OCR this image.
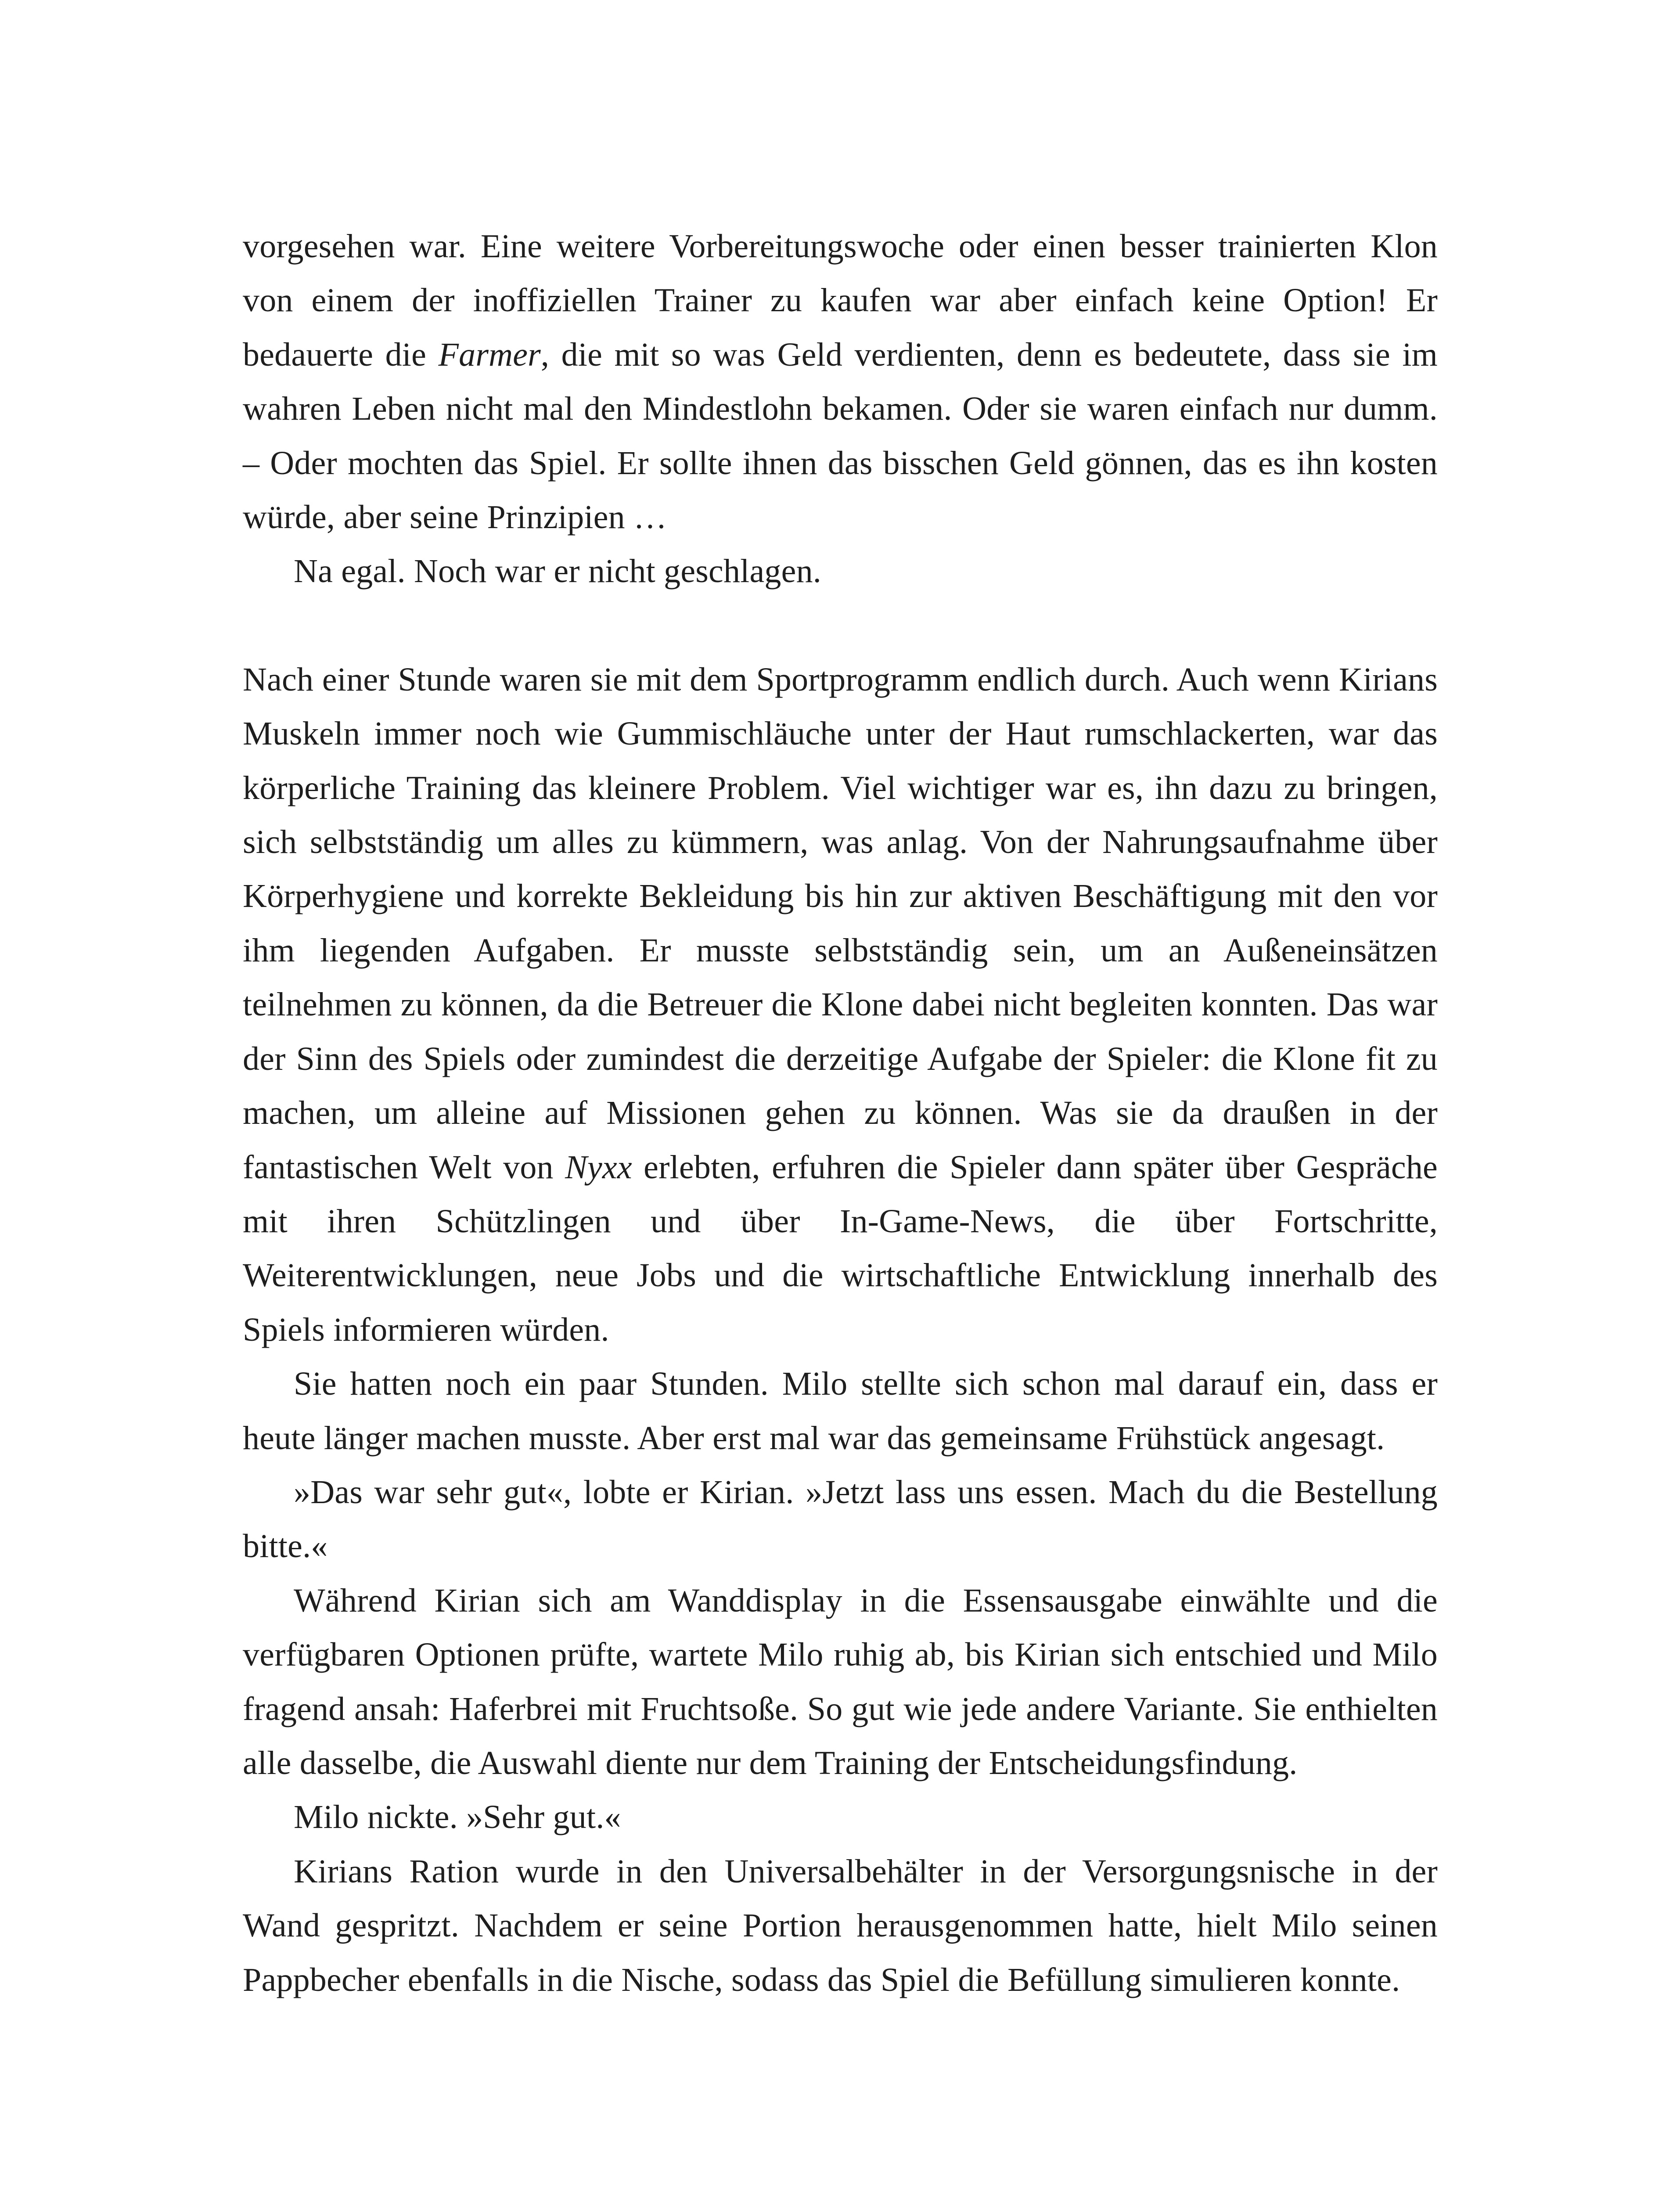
vorgesehen war. Eine weitere Vorbereitungswoche oder einen besser trainierten Klon von einem der inoffiziellen Trainer zu kaufen war aber einfach keine Option! Er bedauerte die Farmer, die mit so was Geld verdienten, denn es bedeutete, dass sie im wahren Leben nicht mal den Mindestlohn bekamen. Oder sie waren einfach nur dumm. – Oder mochten das Spiel. Er sollte ihnen das bisschen Geld gönnen, das es ihn kosten würde, aber seine Prinzipien …

Na egal. Noch war er nicht geschlagen.

Nach einer Stunde waren sie mit dem Sportprogramm endlich durch. Auch wenn Kirians Muskeln immer noch wie Gummischläuche unter der Haut rumschlackerten, war das körperliche Training das kleinere Problem. Viel wichtiger war es, ihn dazu zu bringen, sich selbstständig um alles zu kümmern, was anlag. Von der Nahrungsaufnahme über Körperhygiene und korrekte Bekleidung bis hin zur aktiven Beschäftigung mit den vor ihm liegenden Aufgaben. Er musste selbstständig sein, um an Außeneinsätzen teilnehmen zu können, da die Betreuer die Klone dabei nicht begleiten konnten. Das war der Sinn des Spiels oder zumindest die derzeitige Aufgabe der Spieler: die Klone fit zu machen, um alleine auf Missionen gehen zu können. Was sie da draußen in der fantastischen Welt von Nyxx erlebten, erfuhren die Spieler dann später über Gespräche mit ihren Schützlingen und über In-Game-News, die über Fortschritte, Weiterentwicklungen, neue Jobs und die wirtschaftliche Entwicklung innerhalb des Spiels informieren würden.

Sie hatten noch ein paar Stunden. Milo stellte sich schon mal darauf ein, dass er heute länger machen musste. Aber erst mal war das gemeinsame Frühstück angesagt.

»Das war sehr gut«, lobte er Kirian. »Jetzt lass uns essen. Mach du die Bestellung bitte.«

Während Kirian sich am Wanddisplay in die Essensausgabe einwählte und die verfügbaren Optionen prüfte, wartete Milo ruhig ab, bis Kirian sich entschied und Milo fragend ansah: Haferbrei mit Fruchtsoße. So gut wie jede andere Variante. Sie enthielten alle dasselbe, die Auswahl diente nur dem Training der Entscheidungsfindung.

Milo nickte. »Sehr gut.«

Kirians Ration wurde in den Universalbehälter in der Versorgungsnische in der Wand gespritzt. Nachdem er seine Portion herausgenommen hatte, hielt Milo seinen Pappbecher ebenfalls in die Nische, sodass das Spiel die Befüllung simulieren konnte.
